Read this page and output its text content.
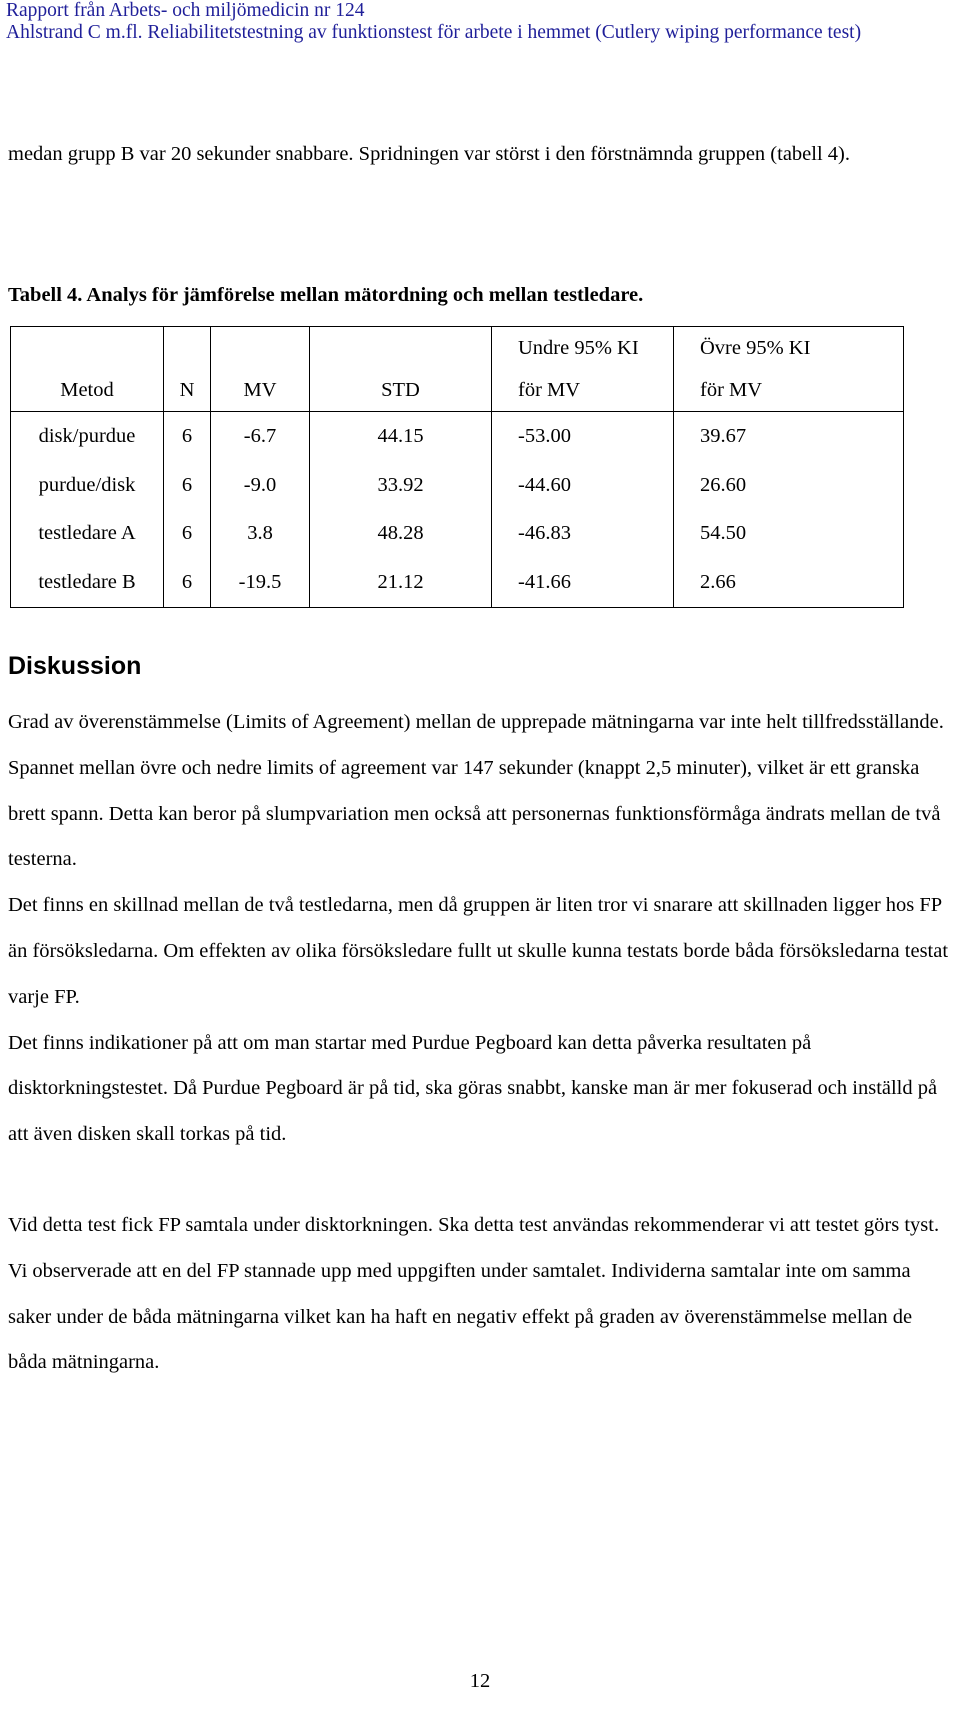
Rapport från Arbets- och miljömedicin nr 124
Ahlstrand C m.fl. Reliabilitetstestning av funktionstest för arbete i hemmet (Cutlery wiping performance test)
medan grupp B var 20 sekunder snabbare. Spridningen var störst i den förstnämnda gruppen (tabell 4).
Tabell 4. Analys för jämförelse mellan mätordning och mellan testledare.
				Undre 95% KI	Övre 95% KI
Metod	N	MV	STD	för MV	för MV
disk/purdue	6	-6.7	44.15	-53.00	39.67
purdue/disk	6	-9.0	33.92	-44.60	26.60
testledare A	6	3.8	48.28	-46.83	54.50
testledare B	6	-19.5	21.12	-41.66	2.66
Diskussion

Grad av överenstämmelse (Limits of Agreement) mellan de upprepade mätningarna var inte helt tillfredsställande. Spannet mellan övre och nedre limits of agreement var 147 sekunder (knappt 2,5 minuter), vilket är ett granska brett spann. Detta kan beror på slumpvariation men också att personernas funktionsförmåga ändrats mellan de två testerna.

Det finns en skillnad mellan de två testledarna, men då gruppen är liten tror vi snarare att skillnaden ligger hos FP än försöksledarna. Om effekten av olika försöksledare fullt ut skulle kunna testats borde båda försöksledarna testat varje FP.

Det finns indikationer på att om man startar med Purdue Pegboard kan detta påverka resultaten på disktorkningstestet. Då Purdue Pegboard är på tid, ska göras snabbt, kanske man är mer fokuserad och inställd på att även disken skall torkas på tid.

Vid detta test fick FP samtala under disktorkningen. Ska detta test användas rekommenderar vi att testet görs tyst. Vi observerade att en del FP stannade upp med uppgiften under samtalet. Individerna samtalar inte om samma saker under de båda mätningarna vilket kan ha haft en negativ effekt på graden av överenstämmelse mellan de båda mätningarna.

12
